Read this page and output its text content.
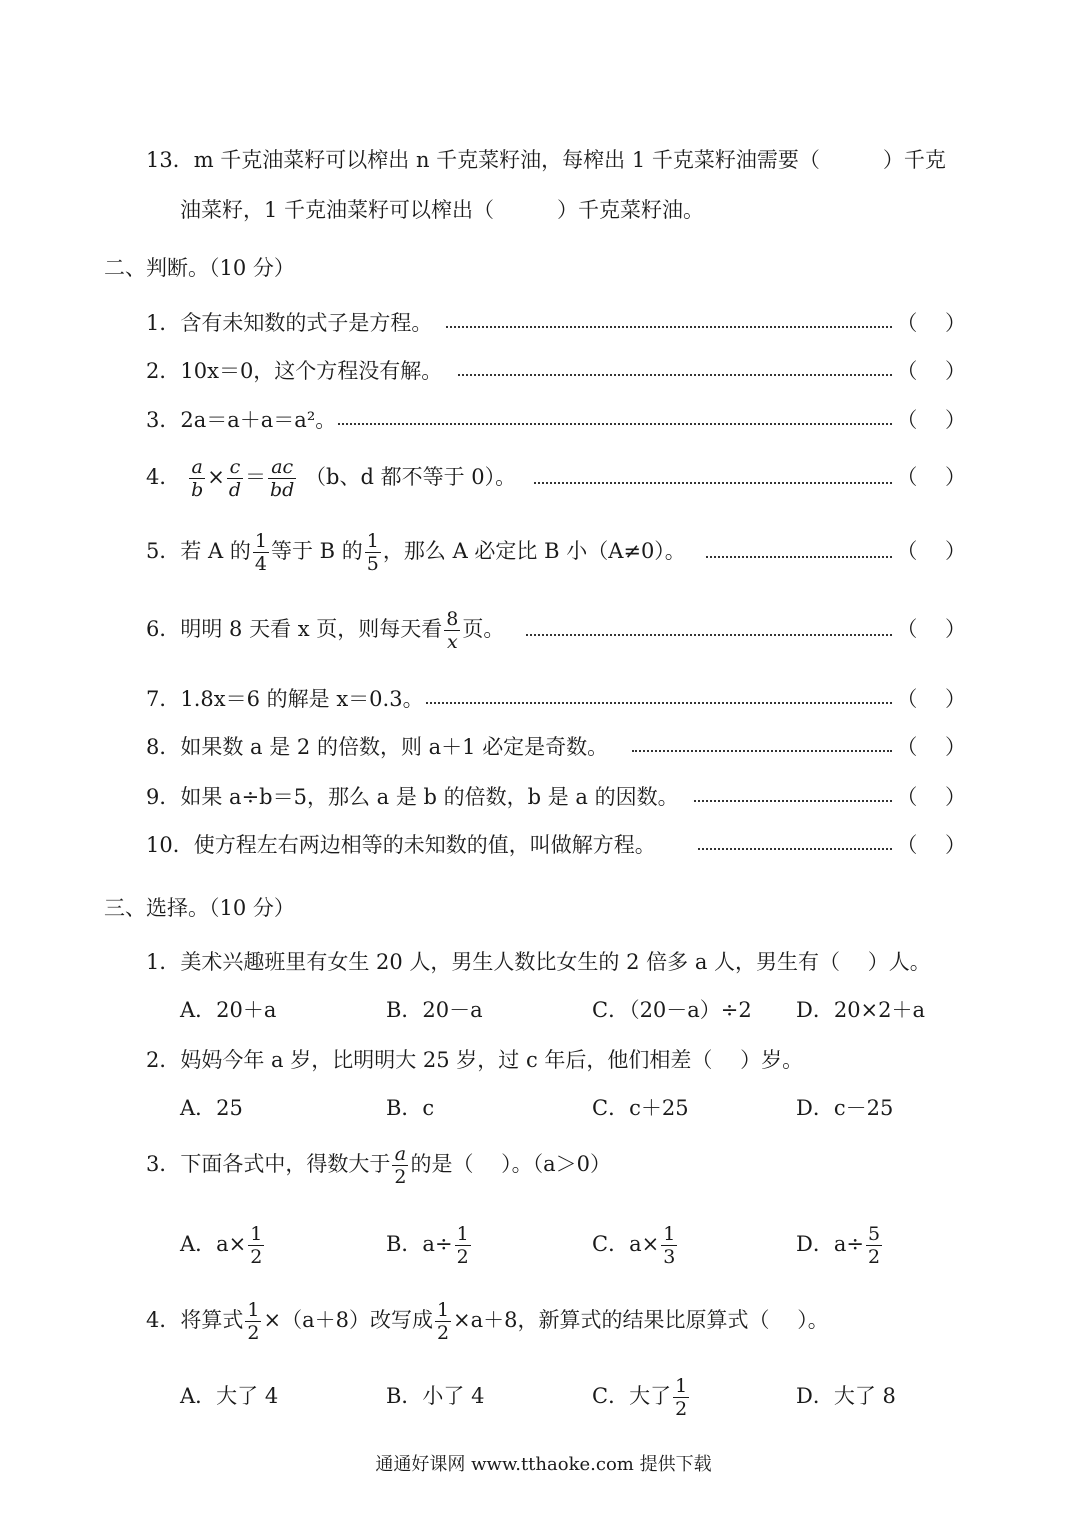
13．m 千克油菜籽可以榨出 n 千克菜籽油，每榨出 1 千克菜籽油需要（　　　）千克
油菜籽，1 千克油菜籽可以榨出（　　　）千克菜籽油。
二、判断。（10 分）
1．含有未知数的式子是方程。	（　 ）
2．10x＝0，这个方程没有解。	（　 ）
3．2a＝a＋a＝a²。	（　 ）
4． $\frac{a}{b} \times \frac{c}{d} = \frac{ac}{bd} (b$、d 都不等于 0）。	（　 ）
5．若 A 的 $\frac{1}{4}$ 等于 B 的 $\frac{1}{5}$ ，那么 A 必定比 B 小（A≠0）。	（　 ）
6．明明 8 天看 x 页，则每天看 $\frac{8}{x}$ 页。	（　 ）
7．1.8x＝6 的解是 x＝0.3。	（　 ）
8．如果数 a 是 2 的倍数，则 a＋1 必定是奇数。	（　 ）
9．如果 a÷b＝5，那么 a 是 b 的倍数，b 是 a 的因数。	（　 ）
10．使方程左右两边相等的未知数的值，叫做解方程。	（　 ）
三、选择。（10 分）
1．美术兴趣班里有女生 20 人，男生人数比女生的 2 倍多 a 人，男生有（　 ）人。
A．20＋a	B．20－a	C．（20－a）÷2 D．20×2＋a
2．妈妈今年 a 岁，比明明大 25 岁，过 c 年后，他们相差（　 ）岁。
A．25	B．c	C．c＋25	D．c－25
3．下面各式中，得数大于 $\frac{a}{2}$ 的是（　 ）。（a＞0）
A．$a\times \frac{1}{2}$	B．$a\div \frac{1}{2}$	C．$a\times \frac{1}{3}$	D．$a\div \frac{5}{2}$
4．将算式 $\frac{1}{2} \times(a+8)$改写成 $\frac{1}{2} \times a+8$，新算式的结果比原算式（　 ）。
A．大了 4	B．小了 4	C．大了 $\frac{1}{2}$	D．大了 8
通通好课网 www.tthaoke.com 提供下载
